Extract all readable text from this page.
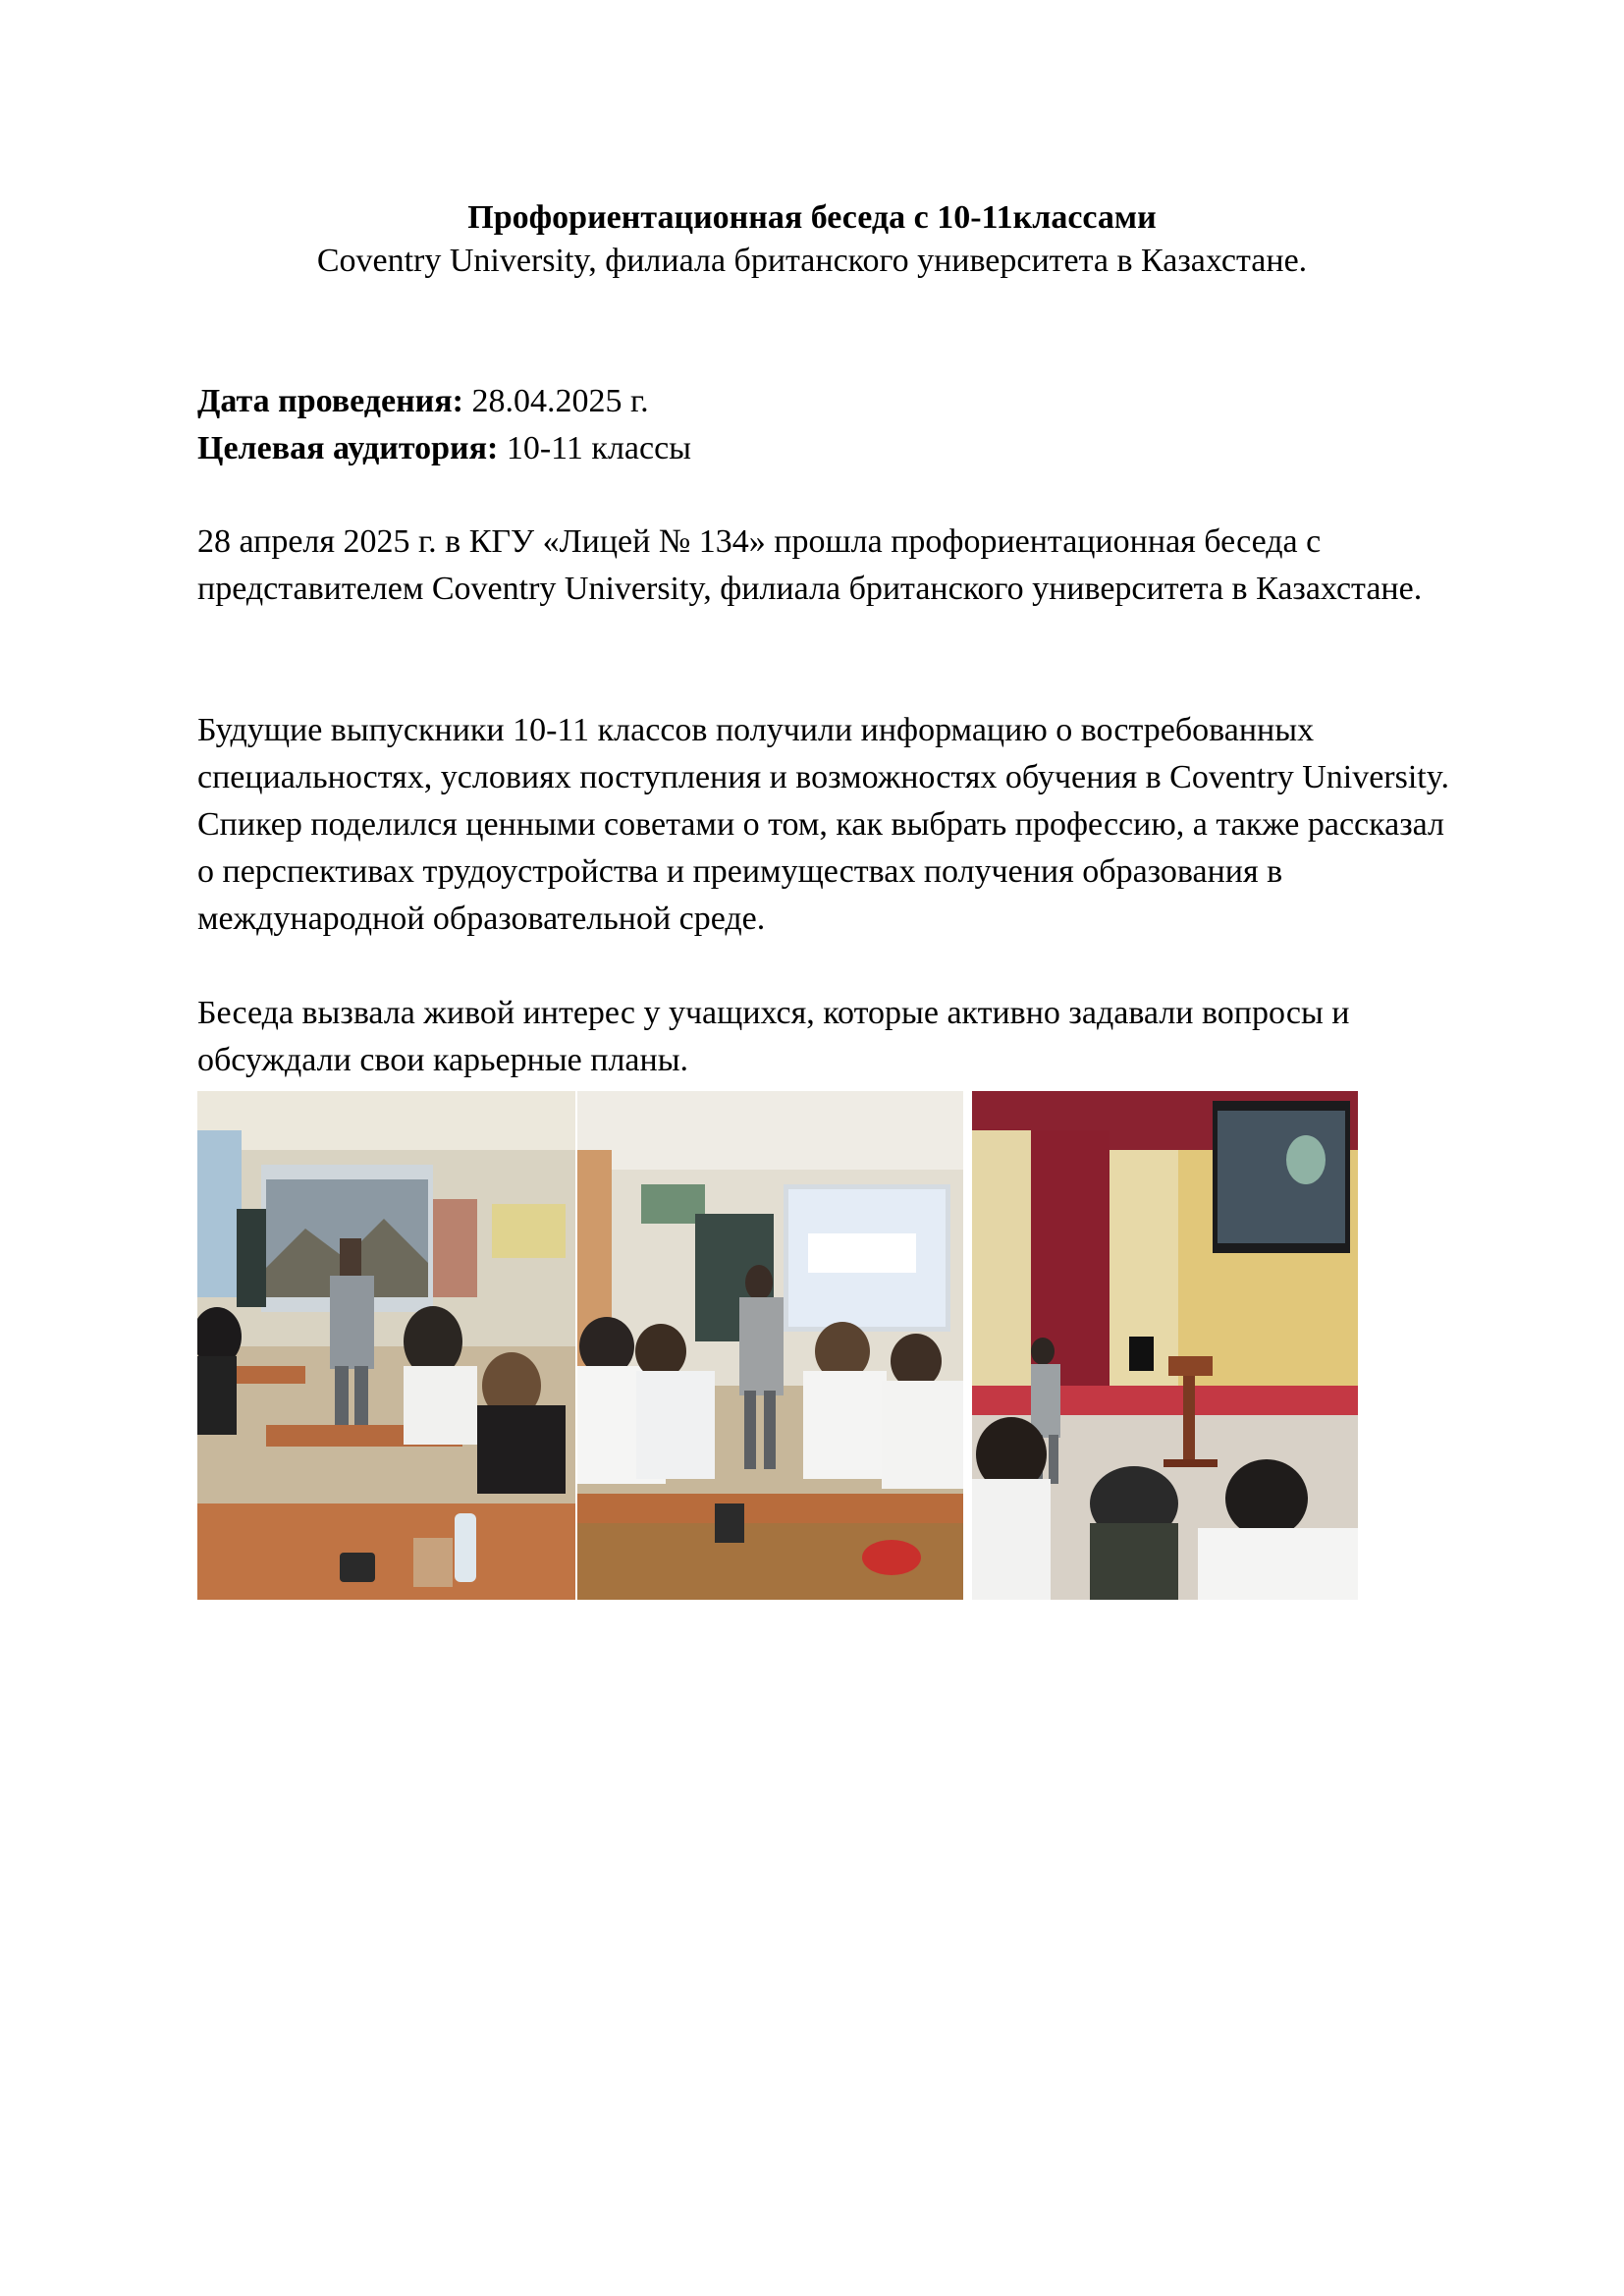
Профориентационная беседа с 10-11классами
Coventry University, филиала британского университета в Казахстане.
Дата проведения: 28.04.2025 г.
Целевая аудитория: 10-11 классы

28 апреля 2025 г. в КГУ «Лицей № 134» прошла профориентационная беседа с представителем Coventry University, филиала британского университета в Казахстане.

Будущие выпускники 10-11 классов получили информацию о востребованных специальностях, условиях поступления и возможностях обучения в Coventry University. Спикер поделился ценными советами о том, как выбрать профессию, а также рассказал о перспективах трудоустройства и преимуществах получения образования в международной образовательной среде.

Беседа вызвала живой интерес у учащихся, которые активно задавали вопросы и обсуждали свои карьерные планы.
